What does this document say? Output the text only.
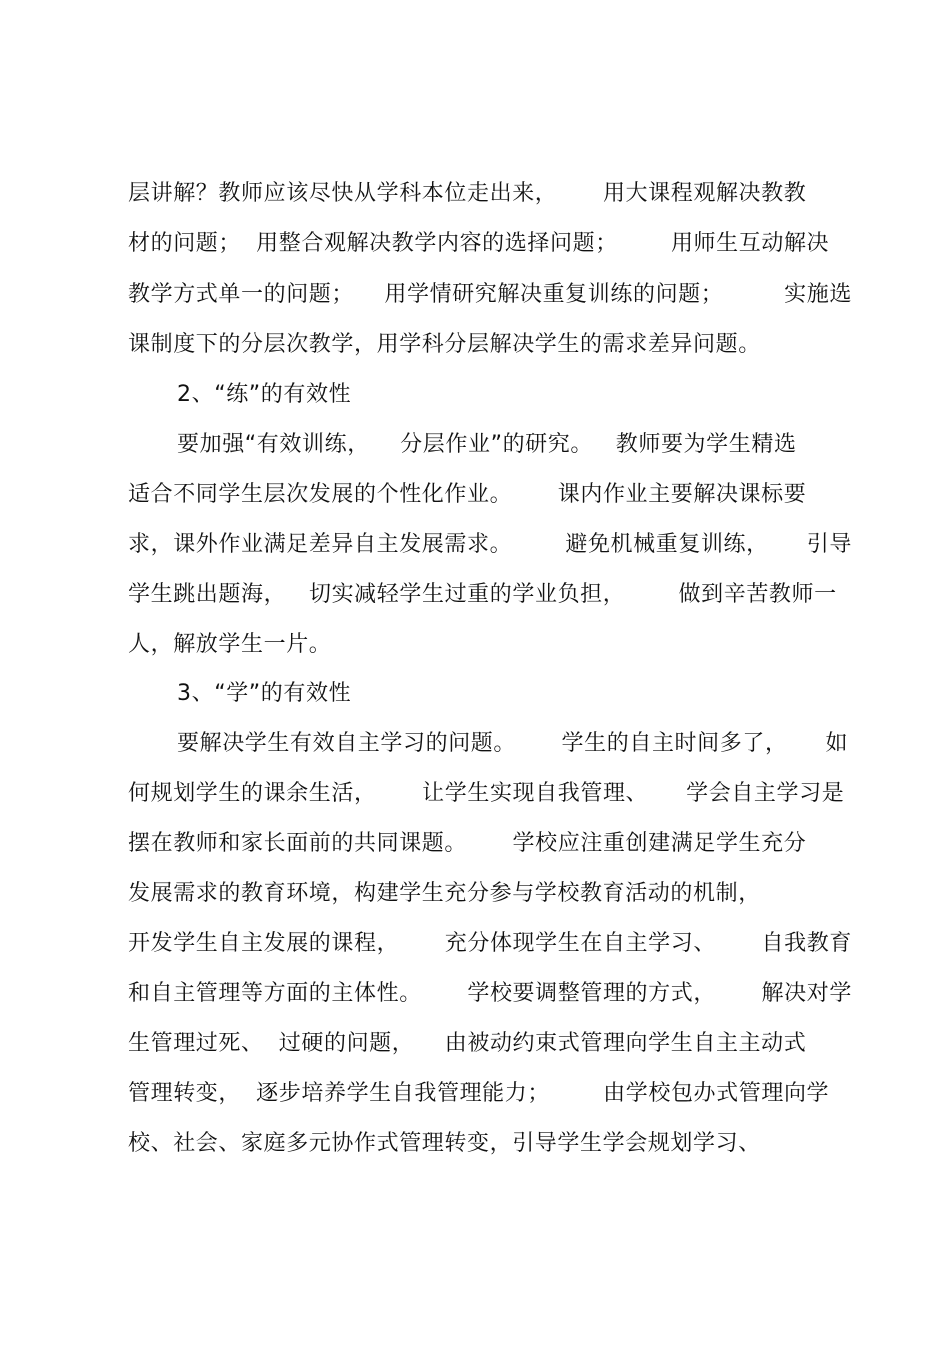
层讲解？教师应该尽快从学科本位走出来，      用大课程观解决教教
材的问题；  用整合观解决教学内容的选择问题；       用师生互动解决
教学方式单一的问题；    用学情研究解决重复训练的问题；        实施选
课制度下的分层次教学，用学科分层解决学生的需求差异问题。
2、“练”的有效性
要加强“有效训练，    分层作业”的研究。   教师要为学生精选
适合不同学生层次发展的个性化作业。      课内作业主要解决课标要
求，课外作业满足差异自主发展需求。       避免机械重复训练，     引导
学生跳出题海，   切实减轻学生过重的学业负担，       做到辛苦教师一
人，解放学生一片。
3、“学”的有效性
要解决学生有效自主学习的问题。      学生的自主时间多了，     如
何规划学生的课余生活，      让学生实现自我管理、     学会自主学习是
摆在教师和家长面前的共同课题。      学校应注重创建满足学生充分
发展需求的教育环境，构建学生充分参与学校教育活动的机制，
开发学生自主发展的课程，      充分体现学生在自主学习、      自我教育
和自主管理等方面的主体性。      学校要调整管理的方式，      解决对学
生管理过死、  过硬的问题，    由被动约束式管理向学生自主主动式
管理转变，  逐步培养学生自我管理能力；       由学校包办式管理向学
校、社会、家庭多元协作式管理转变，引导学生学会规划学习、
